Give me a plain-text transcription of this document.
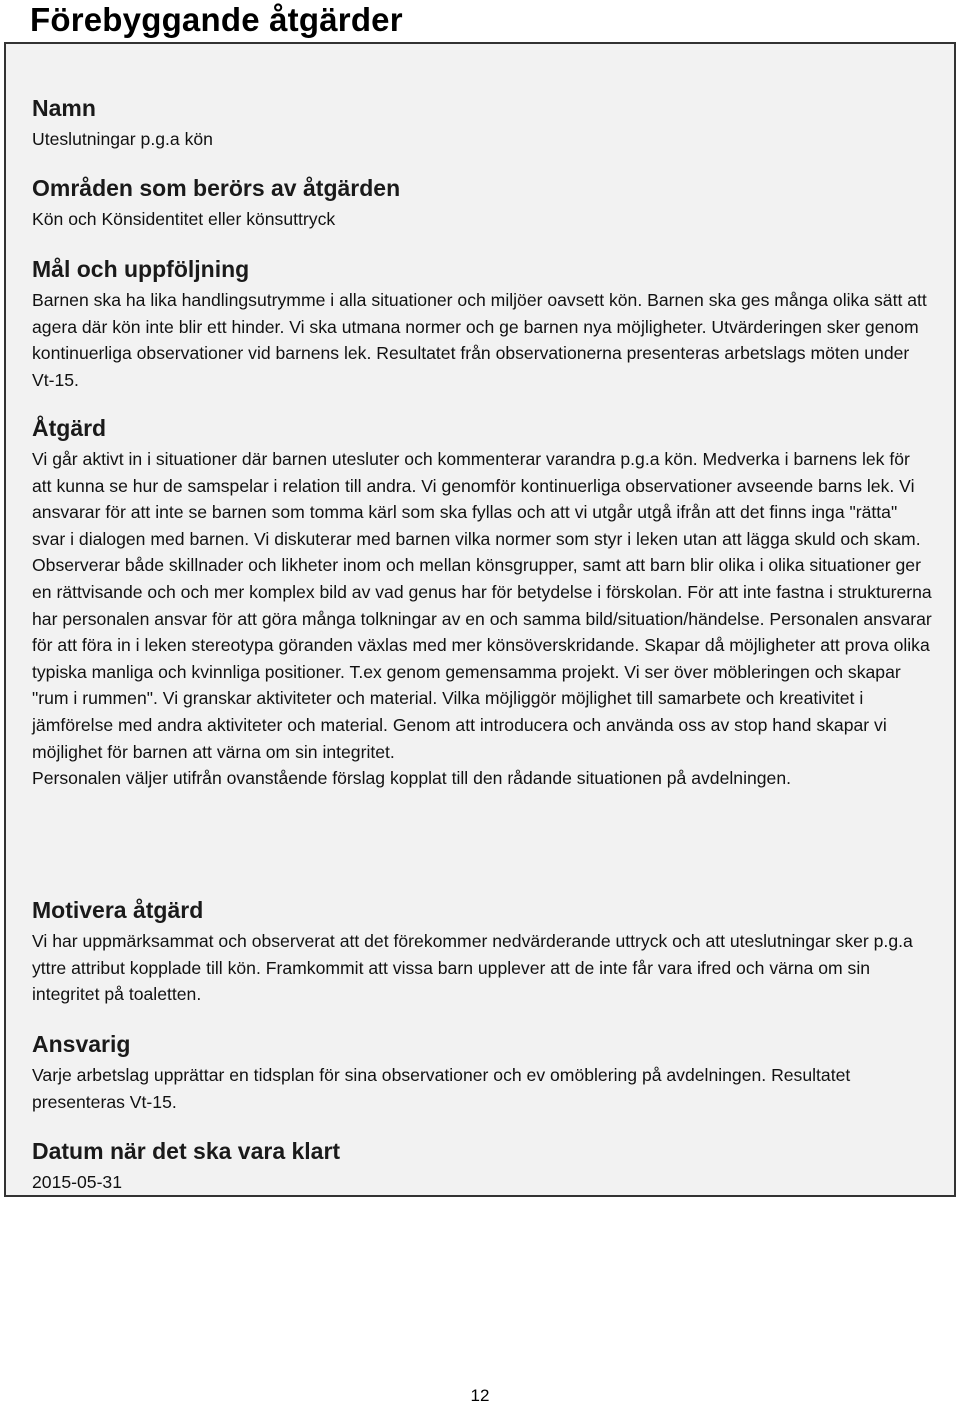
Förebyggande åtgärder
Namn

Uteslutningar p.g.a kön

Områden som berörs av åtgärden

Kön och Könsidentitet eller könsuttryck

Mål och uppföljning

Barnen ska ha lika handlingsutrymme i alla situationer och miljöer oavsett kön. Barnen ska ges många olika sätt att agera där kön inte blir ett hinder. Vi ska utmana normer och ge barnen nya möjligheter. Utvärderingen sker genom kontinuerliga observationer vid barnens lek. Resultatet från observationerna presenteras arbetslags möten under Vt-15.

Åtgärd

Vi går aktivt in i situationer där barnen utesluter och kommenterar varandra p.g.a kön. Medverka i barnens lek för att kunna se hur de samspelar i relation till andra. Vi genomför kontinuerliga observationer avseende barns lek. Vi ansvarar för att inte se barnen som tomma kärl som ska fyllas och att vi utgår utgå ifrån att det finns inga "rätta" svar i dialogen med barnen. Vi diskuterar med barnen vilka normer som styr i leken utan att lägga skuld och skam. Observerar både skillnader och likheter inom och mellan könsgrupper, samt att barn blir olika i olika situationer ger en rättvisande och och mer komplex bild av vad genus har för betydelse i förskolan. För att inte fastna i strukturerna har personalen ansvar för att göra många tolkningar av en och samma bild/situation/händelse. Personalen ansvarar för att föra in i leken stereotypa göranden växlas med mer könsöverskridande. Skapar då möjligheter att prova olika typiska manliga och kvinnliga positioner. T.ex genom gemensamma projekt. Vi ser över möbleringen och skapar "rum i rummen". Vi granskar aktiviteter och material. Vilka möjliggör möjlighet till samarbete och kreativitet i jämförelse med andra aktiviteter och material. Genom att introducera och använda oss av stop hand skapar vi möjlighet för barnen att värna om sin integritet.

Personalen väljer utifrån ovanstående förslag kopplat till den rådande situationen på avdelningen.

Motivera åtgärd

Vi har uppmärksammat och observerat att det förekommer nedvärderande uttryck och att uteslutningar sker p.g.a yttre attribut kopplade till kön. Framkommit att vissa barn upplever att de inte får vara ifred och värna om sin integritet på toaletten.

Ansvarig

Varje arbetslag upprättar en tidsplan för sina observationer och ev omöblering på avdelningen. Resultatet presenteras Vt-15.

Datum när det ska vara klart

2015-05-31

12
